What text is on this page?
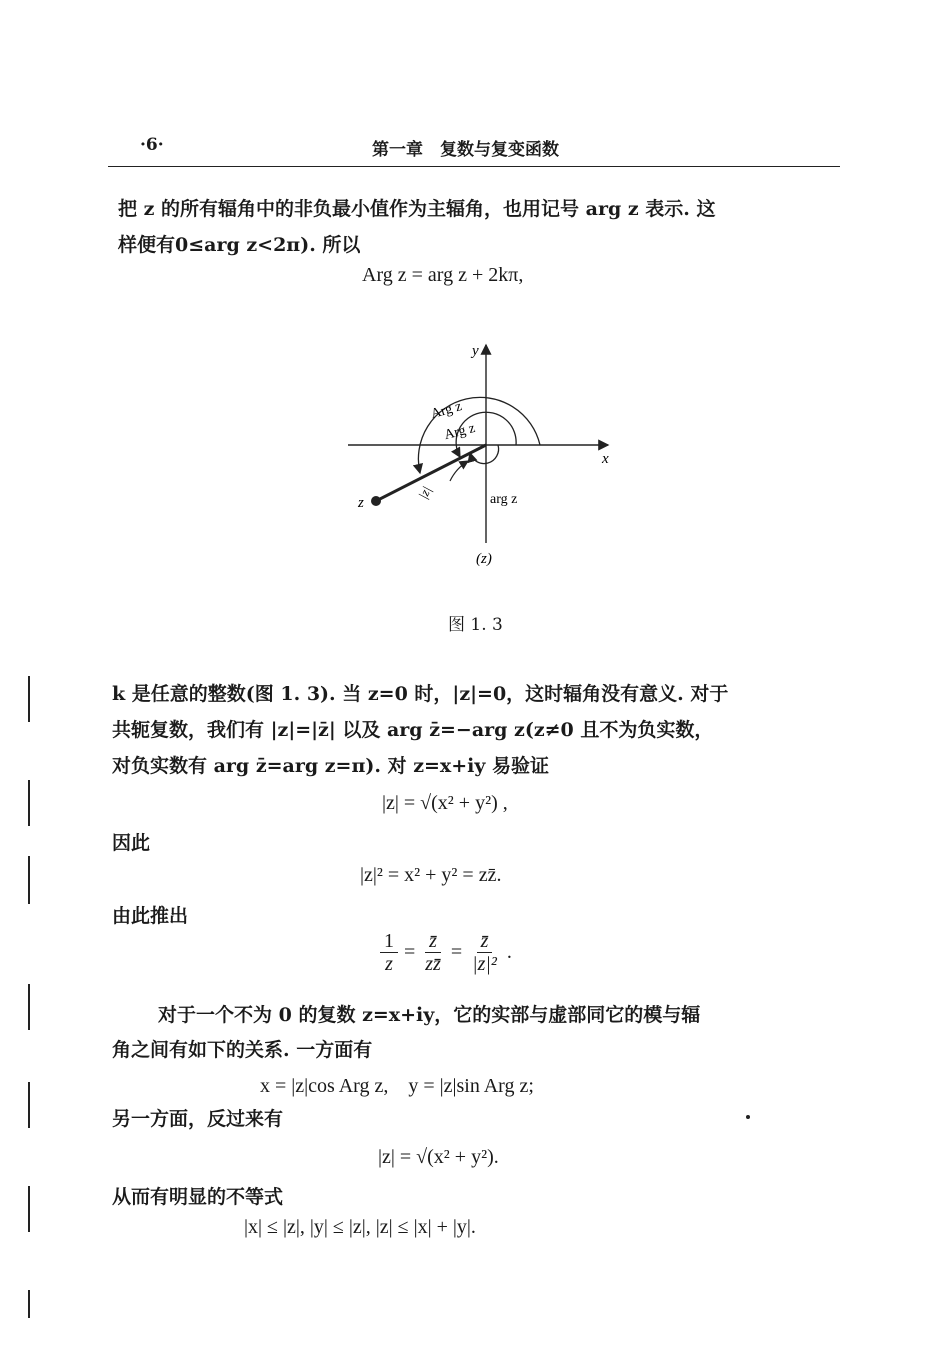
·6·	第一章　复数与复变函数
把 z 的所有辐角中的非负最小值作为主辐角，也用记号 arg z 表示. 这
样便有0≤arg z<2π). 所以
Arg z = arg z + 2kπ,
y
x
z
|z|
Arg z
Arg z
arg z
(z)
图 1. 3
k 是任意的整数(图 1. 3). 当 z=0 时，|z|=0，这时辐角没有意义. 对于
共轭复数，我们有 |z|=|z̄| 以及 arg z̄=−arg z(z≠0 且不为负实数，
对负实数有 arg z̄=arg z=π). 对 z=x+iy 易验证
|z| = √(x² + y²) ,
因此
|z|² = x² + y² = zz̄.
由此推出
$\frac{1}{z} = \frac{z̄}{zz̄} = \frac{z̄}{\text{|z|²}}$ .
对于一个不为 0 的复数 z=x+iy，它的实部与虚部同它的模与辐
角之间有如下的关系. 一方面有
x = |z|cos Arg z,　y = |z|sin Arg z;
另一方面，反过来有
|z| = √(x² + y²).
从而有明显的不等式
|x| ≤ |z|, |y| ≤ |z|, |z| ≤ |x| + |y|.
